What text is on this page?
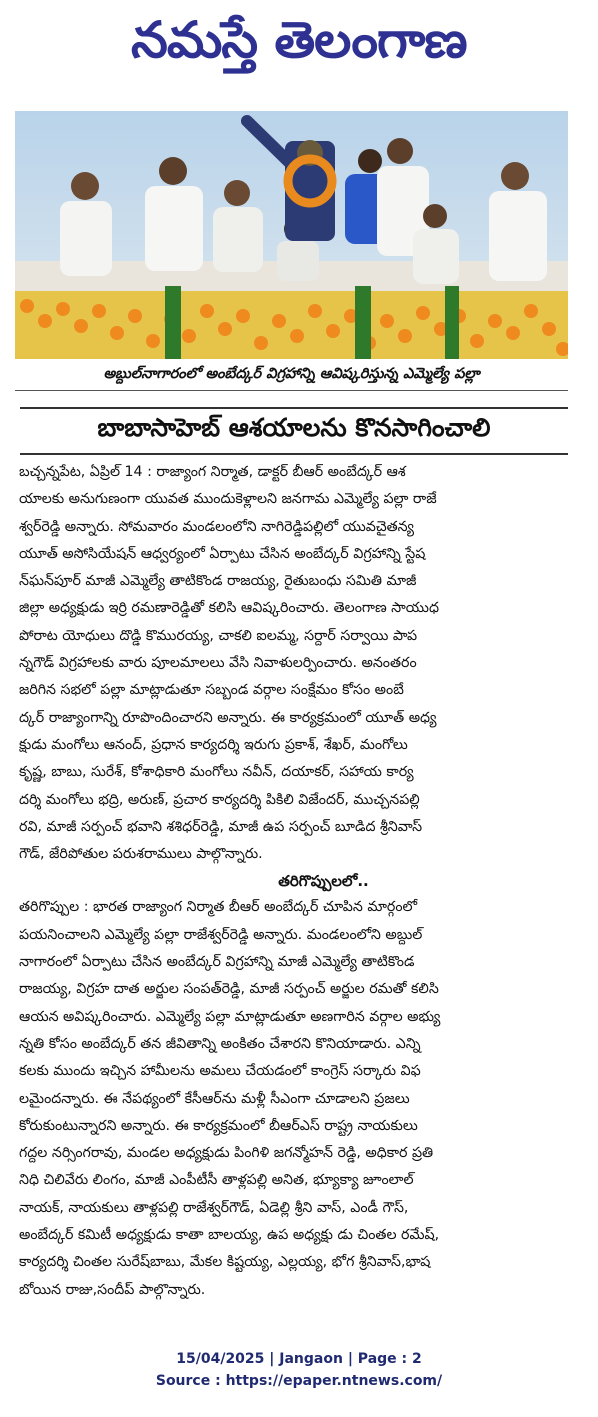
నమస్తే తెలంగాణ
అబ్దుల్‌నాగారంలో అంబేద్కర్ విగ్రహాన్ని ఆవిష్కరిస్తున్న ఎమ్మెల్యే పల్లా
బాబాసాహెబ్ ఆశయాలను కొనసాగించాలి
బచ్చన్నపేట, ఏప్రిల్ 14 : రాజ్యాంగ నిర్మాత, డాక్టర్ బీఆర్ అంబేద్కర్ ఆశ
యాలకు అనుగుణంగా యువత ముందుకెళ్లాలని జనగామ ఎమ్మెల్యే పల్లా రాజే
శ్వర్‌రెడ్డి అన్నారు. సోమవారం మండలంలోని నాగిరెడ్డిపల్లిలో యువచైతన్య
యూత్ అసోసియేషన్ ఆధ్వర్యంలో ఏర్పాటు చేసిన అంబేద్కర్ విగ్రహాన్ని స్టేష
న్‌ఘన్‌పూర్ మాజీ ఎమ్మెల్యే తాటికొండ రాజయ్య, రైతుబంధు సమితి మాజీ
జిల్లా అధ్యక్షుడు ఇర్రి రమణారెడ్డితో కలిసి ఆవిష్కరించారు. తెలంగాణ సాయుధ
పోరాట యోధులు దొడ్డి కొమురయ్య, చాకలి ఐలమ్మ, సర్దార్ సర్వాయి పాప
న్నగౌడ్ విగ్రహాలకు వారు పూలమాలలు వేసి నివాళులర్పించారు. అనంతరం
జరిగిన సభలో పల్లా మాట్లాడుతూ సబ్బండ వర్గాల సంక్షేమం కోసం అంబే
ద్కర్ రాజ్యాంగాన్ని రూపొందించారని అన్నారు. ఈ కార్యక్రమంలో యూత్ అధ్య
క్షుడు మంగోలు ఆనంద్, ప్రధాన కార్యదర్శి ఇరుగు ప్రకాశ్, శేఖర్, మంగోలు
కృష్ణ, బాబు, సురేశ్, కోశాధికారి మంగోలు నవీన్, దయాకర్, సహాయ కార్య
దర్శి మంగోలు భద్రి, అరుణ్, ప్రచార కార్యదర్శి పికిలి విజేందర్, ముచ్చనపల్లి
రవి, మాజీ సర్పంచ్ భవాని శశిధర్‌రెడ్డి, మాజీ ఉప సర్పంచ్ బూడిద శ్రీనివాస్
గౌడ్, జేరిపోతుల పరుశరాములు పాల్గొన్నారు.
తరిగొప్పులలో..
తరిగొప్పుల : భారత రాజ్యాంగ నిర్మాత బీఆర్ అంబేద్కర్ చూపిన మార్గంలో
పయనించాలని ఎమ్మెల్యే పల్లా రాజేశ్వర్‌రెడ్డి అన్నారు. మండలంలోని అబ్దుల్
నాగారంలో ఏర్పాటు చేసిన అంబేద్కర్ విగ్రహాన్ని మాజీ ఎమ్మెల్యే తాటికొండ
రాజయ్య, విగ్రహ దాత అర్జుల సంపత్‌రెడ్డి, మాజీ సర్పంచ్ అర్జుల రమతో కలిసి
ఆయన అవిష్కరించారు. ఎమ్మెల్యే పల్లా మాట్లాడుతూ అణగారిన వర్గాల అభ్యు
న్నతి కోసం అంబేద్కర్ తన జీవితాన్ని అంకితం చేశారని కొనియాడారు. ఎన్ని
కలకు ముందు ఇచ్చిన హామీలను అమలు చేయడంలో కాంగ్రెస్ సర్కారు విఫ
లమైందన్నారు. ఈ నేపథ్యంలో కేసీఆర్‌ను మళ్లీ సీఎంగా చూడాలని ప్రజలు
కోరుకుంటున్నారని అన్నారు. ఈ కార్యక్రమంలో బీఆర్‌ఎస్ రాష్ట్ర నాయకులు
గద్దల నర్సింగరావు, మండల అధ్యక్షుడు పింగిళి జగన్మోహన్ రెడ్డి, అధికార ప్రతి
నిధి చిలివేరు లింగం, మాజీ ఎంపీటీసీ తాళ్లపల్లి అనిత, భ్యూక్యా జూంలాల్
నాయక్, నాయకులు తాళ్లపల్లి రాజేశ్వర్‌గౌడ్, ఏడెల్లి శ్రీని వాస్, ఎండీ గౌస్,
అంబేద్కర్ కమిటీ అధ్యక్షుడు కాతా బాలయ్య, ఉప అధ్యక్షు డు చింతల రమేష్,
కార్యదర్శి చింతల సురేష్‌బాబు, మేకల కిష్టయ్య, ఎల్లయ్య, భోగ శ్రీనివాస్,భాష
బోయిన రాజు,సందీప్ పాల్గొన్నారు.
15/04/2025 | Jangaon | Page : 2
Source : https://epaper.ntnews.com/
